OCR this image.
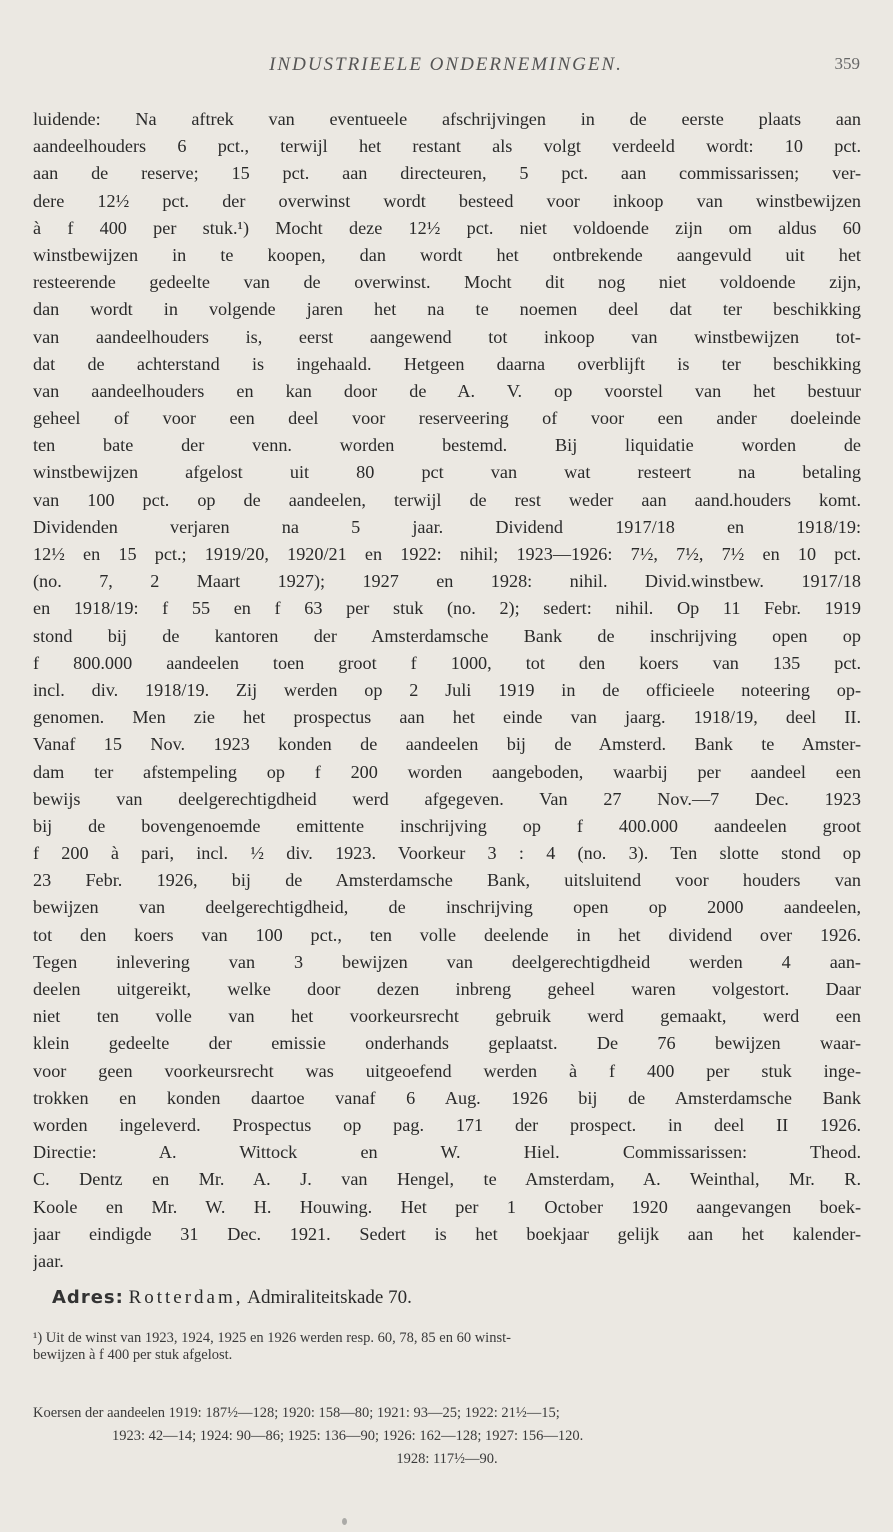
INDUSTRIEELE ONDERNEMINGEN.	359
luidende: Na aftrek van eventueele afschrijvingen in de eerste plaats aan
aandeelhouders 6 pct., terwijl het restant als volgt verdeeld wordt: 10 pct.
aan de reserve; 15 pct. aan directeuren, 5 pct. aan commissarissen; ver-
dere 12½ pct. der overwinst wordt besteed voor inkoop van winstbewijzen
à f 400 per stuk.¹) Mocht deze 12½ pct. niet voldoende zijn om aldus 60
winstbewijzen in te koopen, dan wordt het ontbrekende aangevuld uit het
resteerende gedeelte van de overwinst. Mocht dit nog niet voldoende zijn,
dan wordt in volgende jaren het na te noemen deel dat ter beschikking
van aandeelhouders is, eerst aangewend tot inkoop van winstbewijzen tot-
dat de achterstand is ingehaald. Hetgeen daarna overblijft is ter beschikking
van aandeelhouders en kan door de A. V. op voorstel van het bestuur
geheel of voor een deel voor reserveering of voor een ander doeleinde
ten bate der venn. worden bestemd. Bij liquidatie worden de
winstbewijzen afgelost uit 80 pct van wat resteert na betaling
van 100 pct. op de aandeelen, terwijl de rest weder aan aand.houders komt.
Dividenden verjaren na 5 jaar. Dividend 1917/18 en 1918/19:
12½ en 15 pct.; 1919/20, 1920/21 en 1922: nihil; 1923—1926: 7½, 7½, 7½ en 10 pct.
(no. 7, 2 Maart 1927); 1927 en 1928: nihil. Divid.winstbew. 1917/18
en 1918/19: f 55 en f 63 per stuk (no. 2); sedert: nihil. Op 11 Febr. 1919
stond bij de kantoren der Amsterdamsche Bank de inschrijving open op
f 800.000 aandeelen toen groot f 1000, tot den koers van 135 pct.
incl. div. 1918/19. Zij werden op 2 Juli 1919 in de officieele noteering op-
genomen. Men zie het prospectus aan het einde van jaarg. 1918/19, deel II.
Vanaf 15 Nov. 1923 konden de aandeelen bij de Amsterd. Bank te Amster-
dam ter afstempeling op f 200 worden aangeboden, waarbij per aandeel een
bewijs van deelgerechtigdheid werd afgegeven. Van 27 Nov.—7 Dec. 1923
bij de bovengenoemde emittente inschrijving op f 400.000 aandeelen groot
f 200 à pari, incl. ½ div. 1923. Voorkeur 3 : 4 (no. 3). Ten slotte stond op
23 Febr. 1926, bij de Amsterdamsche Bank, uitsluitend voor houders van
bewijzen van deelgerechtigdheid, de inschrijving open op 2000 aandeelen,
tot den koers van 100 pct., ten volle deelende in het dividend over 1926.
Tegen inlevering van 3 bewijzen van deelgerechtigdheid werden 4 aan-
deelen uitgereikt, welke door dezen inbreng geheel waren volgestort. Daar
niet ten volle van het voorkeursrecht gebruik werd gemaakt, werd een
klein gedeelte der emissie onderhands geplaatst. De 76 bewijzen waar-
voor geen voorkeursrecht was uitgeoefend werden à f 400 per stuk inge-
trokken en konden daartoe vanaf 6 Aug. 1926 bij de Amsterdamsche Bank
worden ingeleverd. Prospectus op pag. 171 der prospect. in deel II 1926.
Directie: A. Wittock en W. Hiel. Commissarissen: Theod.
C. Dentz en Mr. A. J. van Hengel, te Amsterdam, A. Weinthal, Mr. R.
Koole en Mr. W. H. Houwing. Het per 1 October 1920 aangevangen boek-
jaar eindigde 31 Dec. 1921. Sedert is het boekjaar gelijk aan het kalender-
jaar.
Adres: Rotterdam, Admiraliteitskade 70.
¹) Uit de winst van 1923, 1924, 1925 en 1926 werden resp. 60, 78, 85 en 60 winst-
bewijzen à f 400 per stuk afgelost.
Koersen der aandeelen 1919: 187½—128; 1920: 158—80; 1921: 93—25; 1922: 21½—15;
1923: 42—14; 1924: 90—86; 1925: 136—90; 1926: 162—128; 1927: 156—120.
1928: 117½—90.
